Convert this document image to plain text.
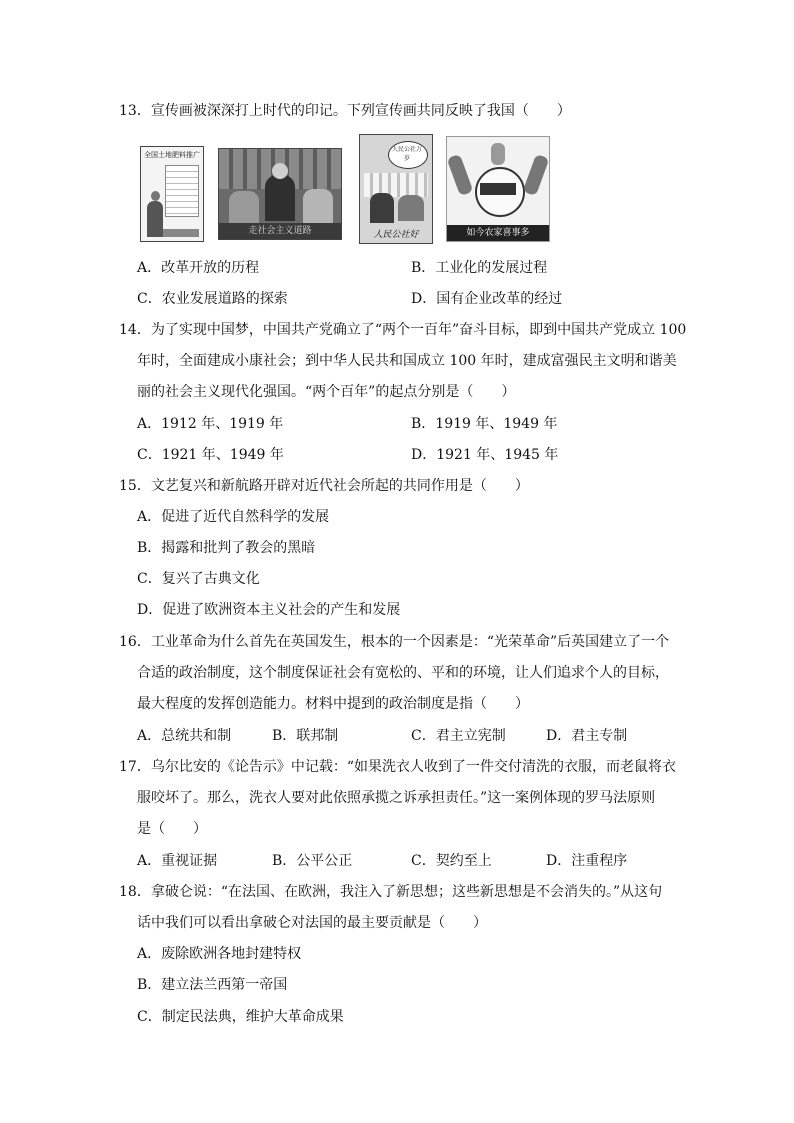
13．宣传画被深深打上时代的印记。下列宣传画共同反映了我国（　　）
全国土地肥料推广
走社会主义道路
人民公社万岁
人民公社好	如今农家喜事多
A．改革开放的历程	B．工业化的发展过程
C．农业发展道路的探索	D．国有企业改革的经过
14．为了实现中国梦，中国共产党确立了“两个一百年”奋斗目标，即到中国共产党成立 100
年时，全面建成小康社会；到中华人民共和国成立 100 年时，建成富强民主文明和谐美
丽的社会主义现代化强国。“两个百年”的起点分别是（　　）
A．1912 年、1919 年	B．1919 年、1949 年
C．1921 年、1949 年	D．1921 年、1945 年
15．文艺复兴和新航路开辟对近代社会所起的共同作用是（　　）
A．促进了近代自然科学的发展
B．揭露和批判了教会的黑暗
C．复兴了古典文化
D．促进了欧洲资本主义社会的产生和发展
16．工业革命为什么首先在英国发生，根本的一个因素是：“光荣革命”后英国建立了一个
合适的政治制度，这个制度保证社会有宽松的、平和的环境，让人们追求个人的目标，
最大程度的发挥创造能力。材料中提到的政治制度是指（　　）
A．总统共和制	B．联邦制	C．君主立宪制	D．君主专制
17．乌尔比安的《论告示》中记载：“如果洗衣人收到了一件交付清洗的衣服，而老鼠将衣
服咬坏了。那么，洗衣人要对此依照承揽之诉承担责任。”这一案例体现的罗马法原则
是（　　）
A．重视证据	B．公平公正	C．契约至上	D．注重程序
18．拿破仑说：“在法国、在欧洲，我注入了新思想；这些新思想是不会消失的。”从这句
话中我们可以看出拿破仑对法国的最主要贡献是（　　）
A．废除欧洲各地封建特权
B．建立法兰西第一帝国
C．制定民法典，维护大革命成果
